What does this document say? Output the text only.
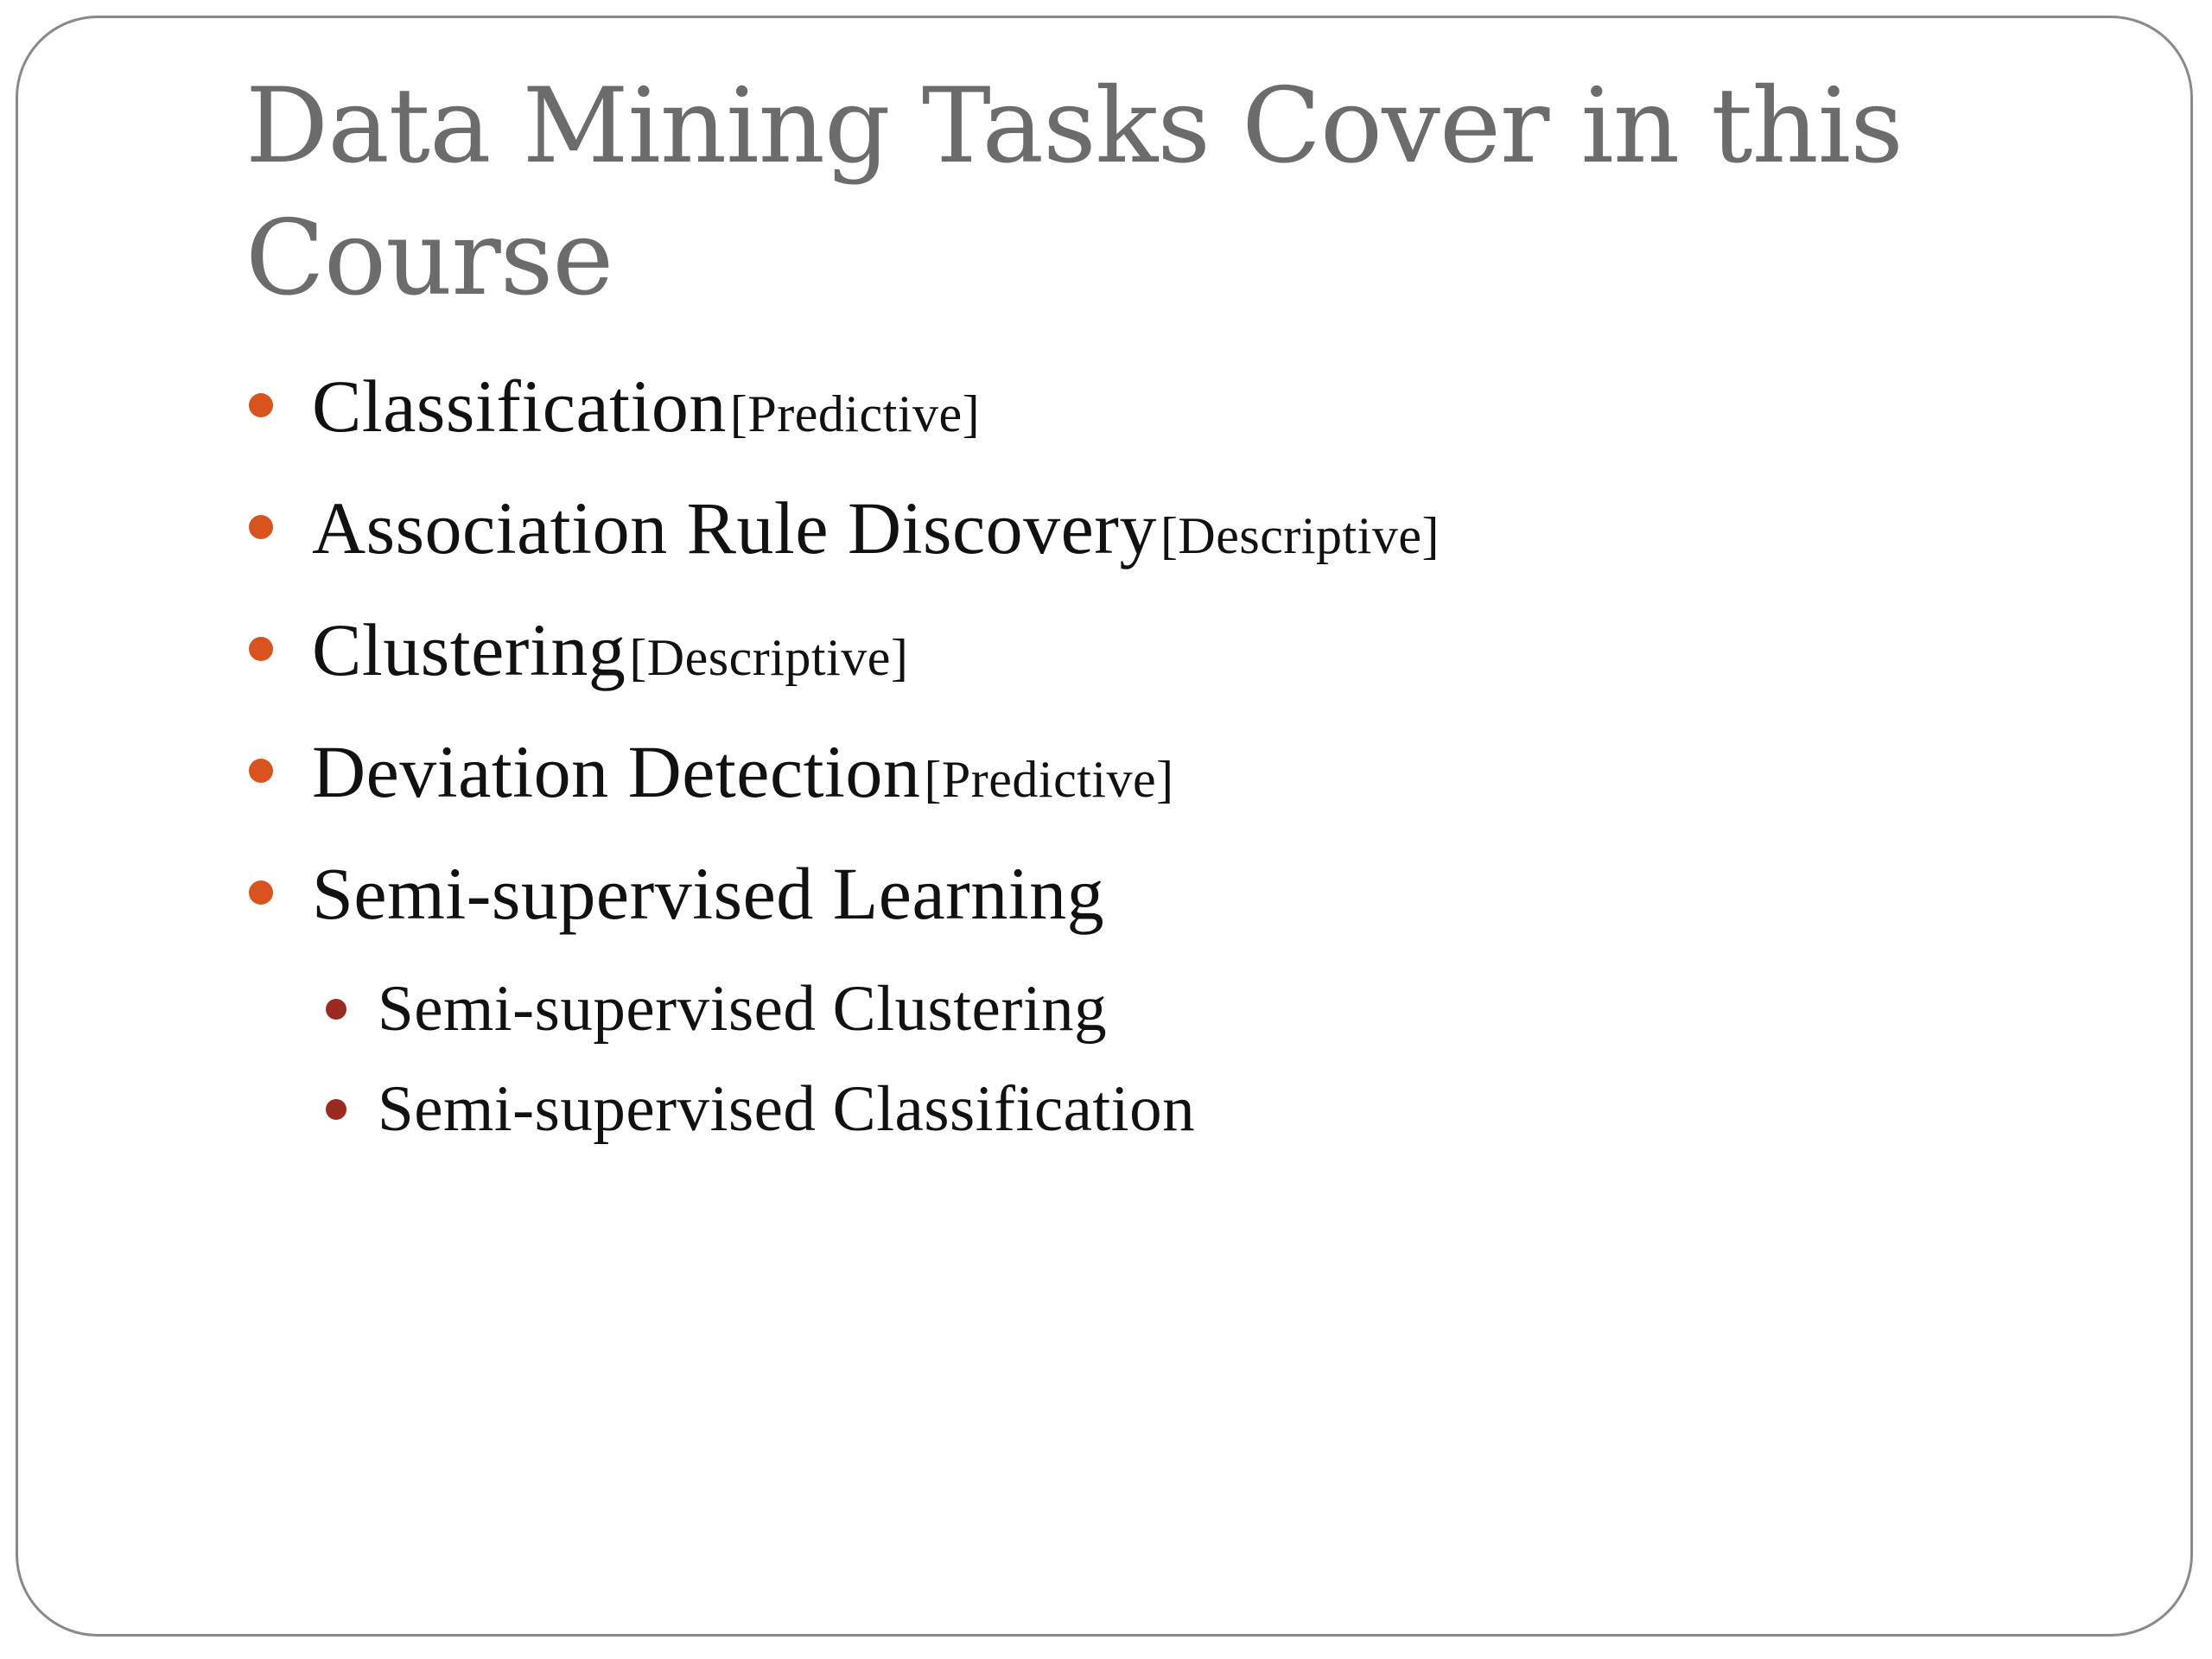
Data Mining Tasks Cover in this Course
Classification [Predictive]
Association Rule Discovery [Descriptive]
Clustering [Descriptive]
Deviation Detection [Predictive]
Semi-supervised Learning
Semi-supervised Clustering
Semi-supervised Classification
